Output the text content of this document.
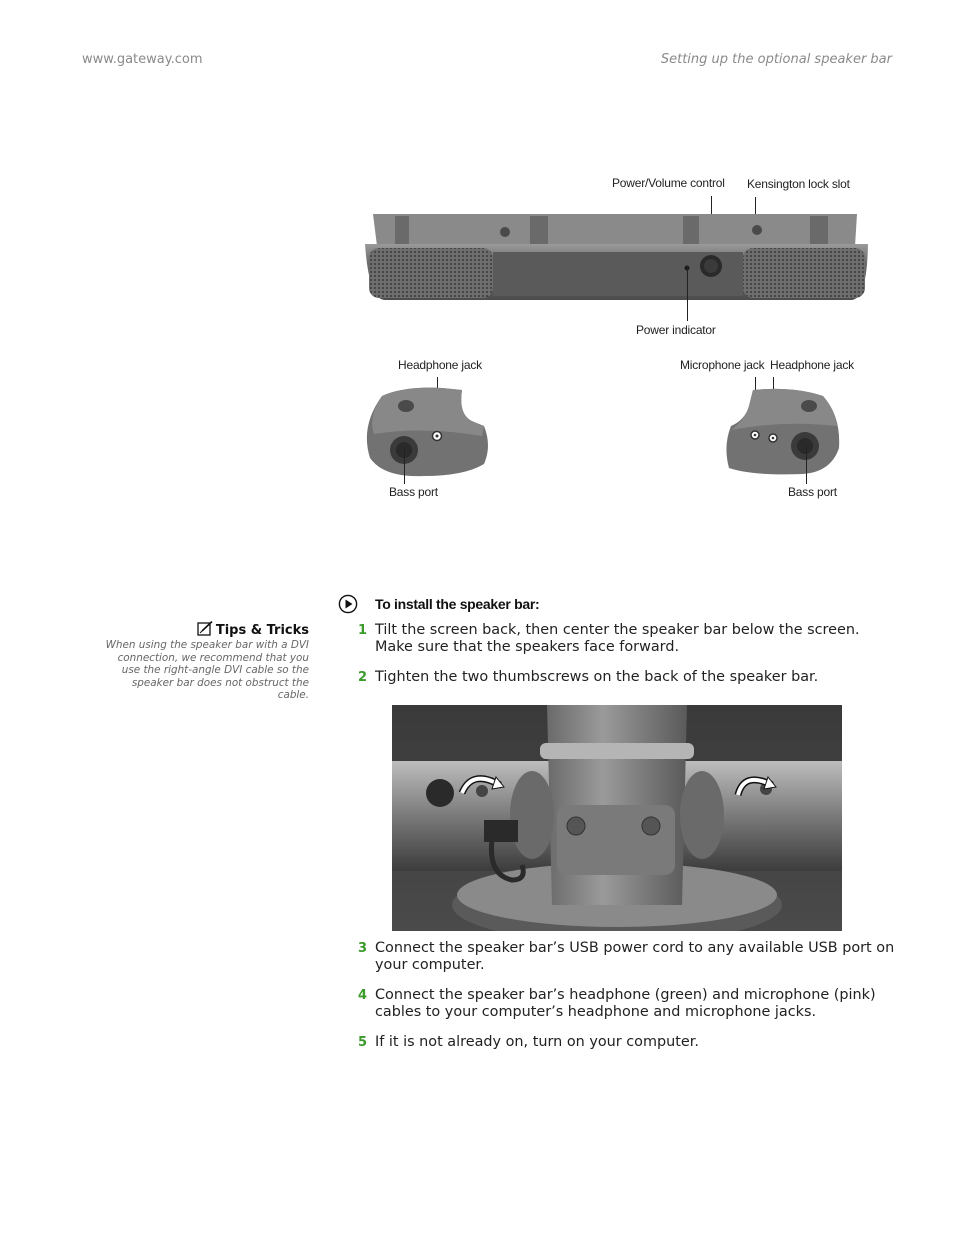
www.gateway.com	Setting up the optional speaker bar
Power/Volume control Kensington lock slot
Power indicator
Headphone jack	Microphone jack Headphone jack
Bass port	Bass port
Tips & Tricks
When using the speaker bar with a DVI connection, we recommend that you use the right-angle DVI cable so the speaker bar does not obstruct the cable.
To install the speaker bar:
1 Tilt the screen back, then center the speaker bar below the screen. Make sure that the speakers face forward.
2 Tighten the two thumbscrews on the back of the speaker bar.
3 Connect the speaker bar’s USB power cord to any available USB port on your computer.
4 Connect the speaker bar’s headphone (green) and microphone (pink) cables to your computer’s headphone and microphone jacks.
5 If it is not already on, turn on your computer.
